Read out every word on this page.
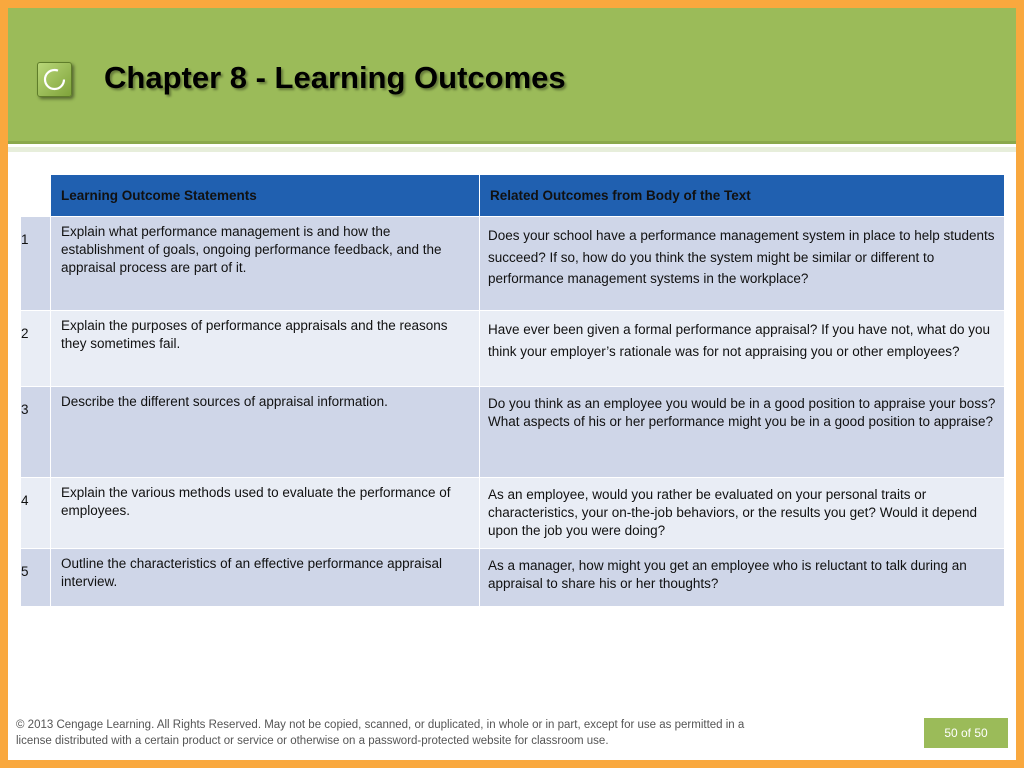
Chapter 8 - Learning Outcomes
	Learning Outcome Statements	Related Outcomes from Body of the Text
1	Explain what performance management is and how the establishment of goals, ongoing performance feedback, and the appraisal process are part of it.	Does your school have a performance management system in place to help students succeed? If so, how do you think the system might be similar or different to performance management systems in the workplace?
2	Explain the purposes of performance appraisals and the reasons they sometimes fail.	Have ever been given a formal performance appraisal? If you have not, what do you think your employer’s rationale was for not appraising you or other employees?
3	Describe the different sources of appraisal information.	Do you think as an employee you would be in a good position to appraise your boss? What aspects of his or her performance might you be in a good position to appraise?
4	Explain the various methods used to evaluate the performance of employees.	As an employee, would you rather be evaluated on your personal traits or characteristics, your on-the-job behaviors, or the results you get? Would it depend upon the job you were doing?
5	Outline the characteristics of an effective performance appraisal interview.	As a manager, how might you get an employee who is reluctant to talk during an appraisal to share his or her thoughts?
© 2013 Cengage Learning. All Rights Reserved. May not be copied, scanned, or duplicated, in whole or in part, except for use as permitted in a license distributed with a certain product or service or otherwise on a password-protected website for classroom use.
50 of 50
